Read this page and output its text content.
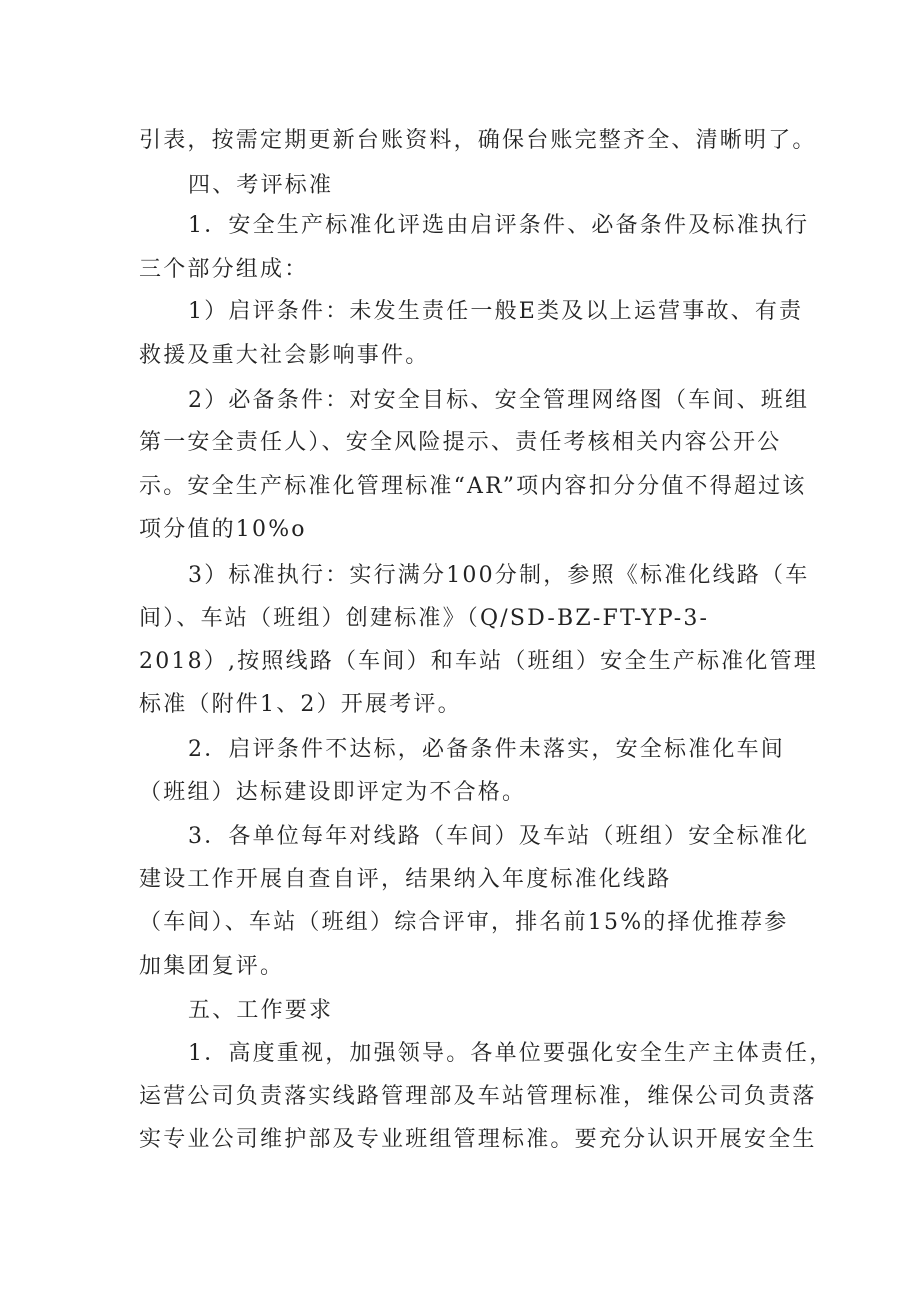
引表，按需定期更新台账资料，确保台账完整齐全、清晰明了。
四、考评标准
1．安全生产标准化评选由启评条件、必备条件及标准执行
三个部分组成：
1）启评条件：未发生责任一般E类及以上运营事故、有责
救援及重大社会影响事件。
2）必备条件：对安全目标、安全管理网络图（车间、班组
第一安全责任人）、安全风险提示、责任考核相关内容公开公
示。安全生产标准化管理标准“AR”项内容扣分分值不得超过该
项分值的10%o
3）标准执行：实行满分100分制，参照《标准化线路（车
间）、车站（班组）创建标准》（Q/SD-BZ-FT-YP-3-
2018）,按照线路（车间）和车站（班组）安全生产标准化管理
标准（附件1、2）开展考评。
2．启评条件不达标，必备条件未落实，安全标准化车间
（班组）达标建设即评定为不合格。
3．各单位每年对线路（车间）及车站（班组）安全标准化
建设工作开展自查自评，结果纳入年度标准化线路
（车间）、车站（班组）综合评审，排名前15%的择优推荐参
加集团复评。
五、工作要求
1．高度重视，加强领导。各单位要强化安全生产主体责任，
运营公司负责落实线路管理部及车站管理标准，维保公司负责落
实专业公司维护部及专业班组管理标准。要充分认识开展安全生
